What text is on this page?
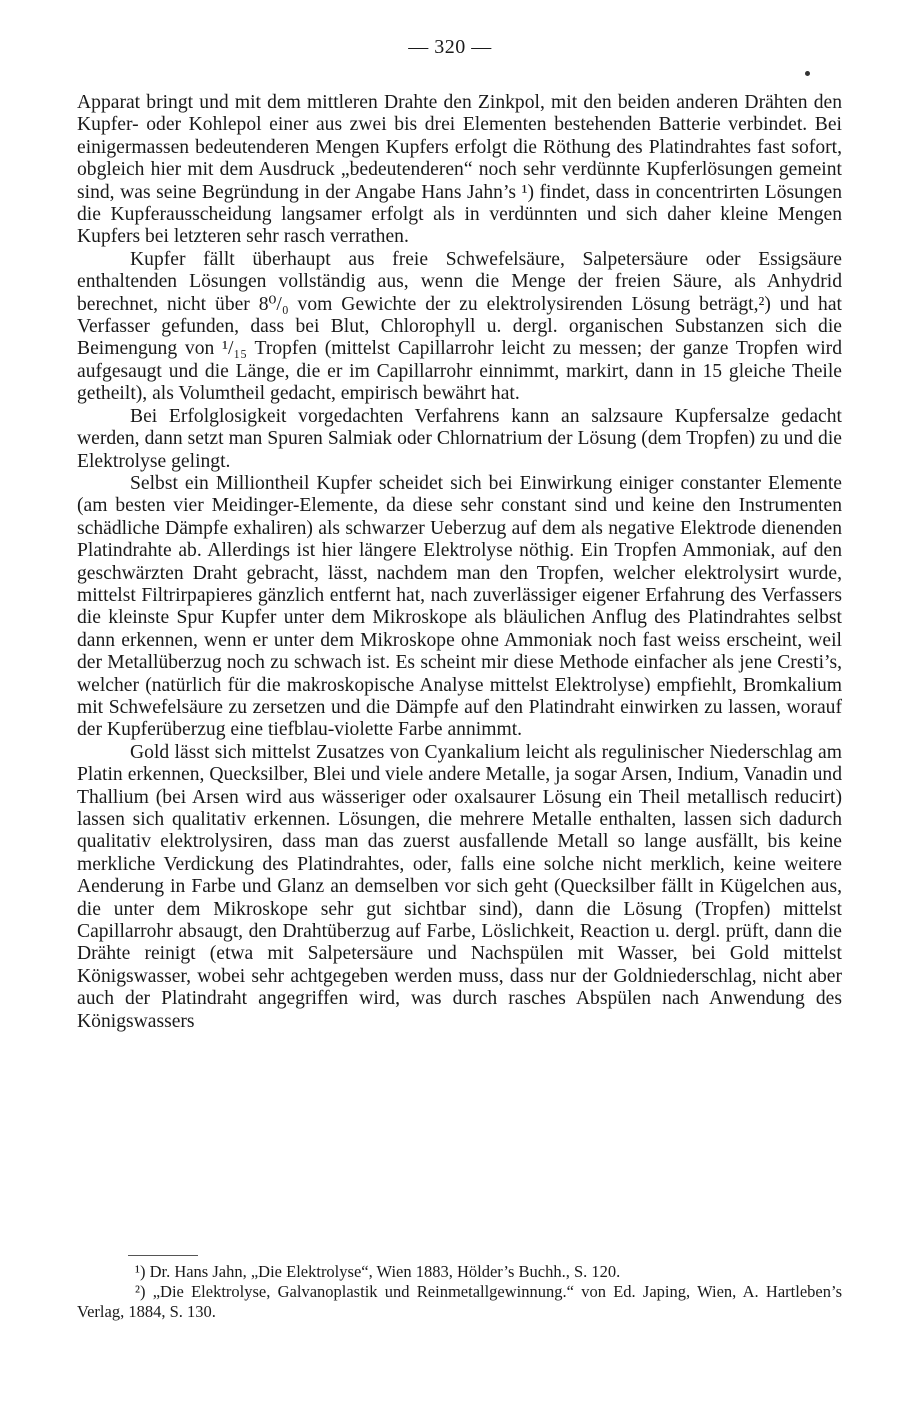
— 320 —

Apparat bringt und mit dem mittleren Drahte den Zinkpol, mit den beiden anderen Drähten den Kupfer- oder Kohlepol einer aus zwei bis drei Elementen bestehenden Batterie verbindet. Bei einigermassen bedeutenderen Mengen Kupfers erfolgt die Röthung des Platindrahtes fast sofort, obgleich hier mit dem Ausdruck „bedeutenderen“ noch sehr verdünnte Kupferlösungen gemeint sind, was seine Begründung in der Angabe Hans Jahn’s ¹) findet, dass in concentrirten Lösungen die Kupferausscheidung langsamer erfolgt als in verdünnten und sich daher kleine Mengen Kupfers bei letzteren sehr rasch verrathen.

Kupfer fällt überhaupt aus freie Schwefelsäure, Salpetersäure oder Essigsäure enthaltenden Lösungen vollständig aus, wenn die Menge der freien Säure, als Anhydrid berechnet, nicht über 8⁰/₀ vom Gewichte der zu elektrolysirenden Lösung beträgt,²) und hat Verfasser gefunden, dass bei Blut, Chlorophyll u. dergl. organischen Substanzen sich die Beimengung von ¹/₁₅ Tropfen (mittelst Capillarrohr leicht zu messen; der ganze Tropfen wird aufgesaugt und die Länge, die er im Capillarrohr einnimmt, markirt, dann in 15 gleiche Theile getheilt), als Volumtheil gedacht, empirisch bewährt hat.

Bei Erfolglosigkeit vorgedachten Verfahrens kann an salzsaure Kupfersalze gedacht werden, dann setzt man Spuren Salmiak oder Chlornatrium der Lösung (dem Tropfen) zu und die Elektrolyse gelingt.

Selbst ein Milliontheil Kupfer scheidet sich bei Einwirkung einiger constanter Elemente (am besten vier Meidinger-Elemente, da diese sehr constant sind und keine den Instrumenten schädliche Dämpfe exhaliren) als schwarzer Ueberzug auf dem als negative Elektrode dienenden Platindrahte ab. Allerdings ist hier längere Elektrolyse nöthig. Ein Tropfen Ammoniak, auf den geschwärzten Draht gebracht, lässt, nachdem man den Tropfen, welcher elektrolysirt wurde, mittelst Filtrirpapieres gänzlich entfernt hat, nach zuverlässiger eigener Erfahrung des Verfassers die kleinste Spur Kupfer unter dem Mikroskope als bläulichen Anflug des Platindrahtes selbst dann erkennen, wenn er unter dem Mikroskope ohne Ammoniak noch fast weiss erscheint, weil der Metallüberzug noch zu schwach ist. Es scheint mir diese Methode einfacher als jene Cresti’s, welcher (natürlich für die makroskopische Analyse mittelst Elektrolyse) empfiehlt, Bromkalium mit Schwefelsäure zu zersetzen und die Dämpfe auf den Platindraht einwirken zu lassen, worauf der Kupferüberzug eine tiefblau-violette Farbe annimmt.

Gold lässt sich mittelst Zusatzes von Cyankalium leicht als regulinischer Niederschlag am Platin erkennen, Quecksilber, Blei und viele andere Metalle, ja sogar Arsen, Indium, Vanadin und Thallium (bei Arsen wird aus wässeriger oder oxalsaurer Lösung ein Theil metallisch reducirt) lassen sich qualitativ erkennen. Lösungen, die mehrere Metalle enthalten, lassen sich dadurch qualitativ elektrolysiren, dass man das zuerst ausfallende Metall so lange ausfällt, bis keine merkliche Verdickung des Platindrahtes, oder, falls eine solche nicht merklich, keine weitere Aenderung in Farbe und Glanz an demselben vor sich geht (Quecksilber fällt in Kügelchen aus, die unter dem Mikroskope sehr gut sichtbar sind), dann die Lösung (Tropfen) mittelst Capillarrohr absaugt, den Drahtüberzug auf Farbe, Löslichkeit, Reaction u. dergl. prüft, dann die Drähte reinigt (etwa mit Salpetersäure und Nachspülen mit Wasser, bei Gold mittelst Königswasser, wobei sehr achtgegeben werden muss, dass nur der Goldniederschlag, nicht aber auch der Platindraht angegriffen wird, was durch rasches Abspülen nach Anwendung des Königswassers

¹) Dr. Hans Jahn, „Die Elektrolyse“, Wien 1883, Hölder’s Buchh., S. 120.

²) „Die Elektrolyse, Galvanoplastik und Reinmetallgewinnung.“ von Ed. Japing, Wien, A. Hartleben’s Verlag, 1884, S. 130.
